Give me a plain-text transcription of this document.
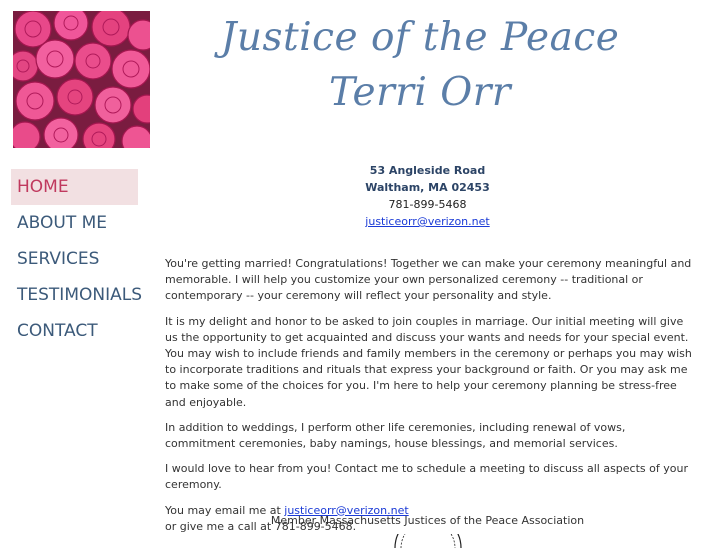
Justice of the Peace
Terri Orr
HOME
ABOUT ME
SERVICES
TESTIMONIALS
CONTACT
53 Angleside Road
Waltham, MA 02453
781-899-5468
justiceorr@verizon.net

You're getting married! Congratulations! Together we can make your ceremony meaningful and memorable. I will help you customize your own personalized ceremony -- traditional or contemporary -- your ceremony will reflect your personality and style.

It is my delight and honor to be asked to join couples in marriage. Our initial meeting will give us the opportunity to get acquainted and discuss your wants and needs for your special event. You may wish to include friends and family members in the ceremony or perhaps you may wish to incorporate traditions and rituals that express your background or faith. Or you may ask me to make some of the choices for you. I'm here to help your ceremony planning be stress-free and enjoyable.

In addition to weddings, I perform other life ceremonies, including renewal of vows, commitment ceremonies, baby namings, house blessings, and memorial services.

I would love to hear from you! Contact me to schedule a meeting to discuss all aspects of your ceremony.

You may email me at justiceorr@verizon.net
or give me a call at 781-899-5468.

Member Massachusetts Justices of the Peace Association
